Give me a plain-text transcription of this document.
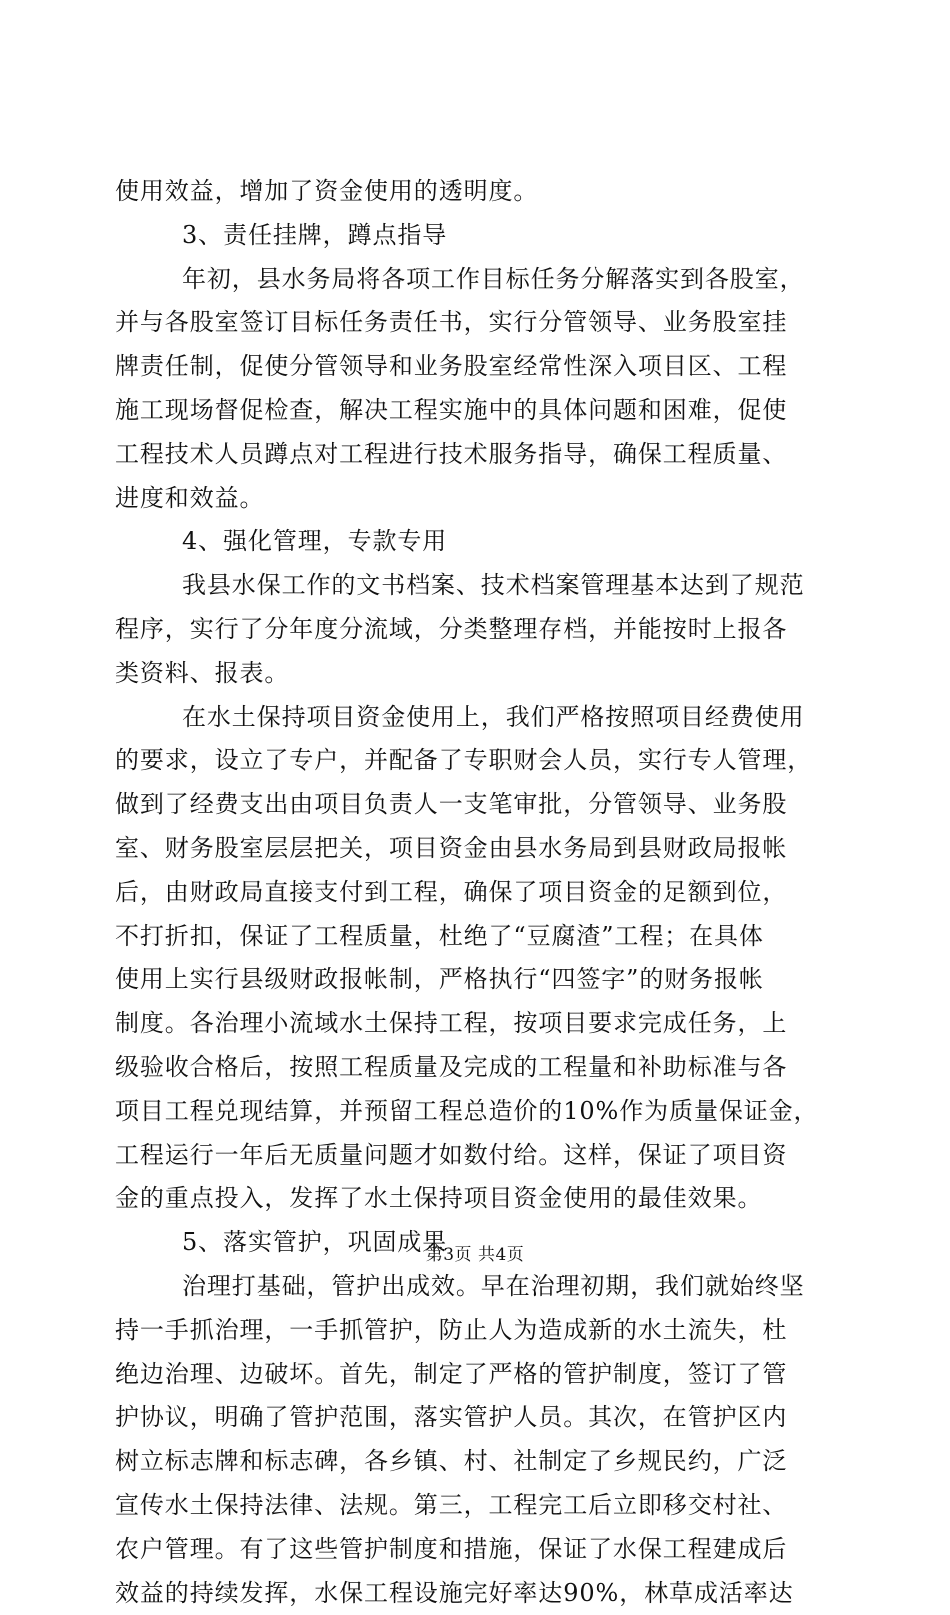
使用效益，增加了资金使用的透明度。
3、责任挂牌，蹲点指导
年初，县水务局将各项工作目标任务分解落实到各股室，
并与各股室签订目标任务责任书，实行分管领导、业务股室挂
牌责任制，促使分管领导和业务股室经常性深入项目区、工程
施工现场督促检查，解决工程实施中的具体问题和困难，促使
工程技术人员蹲点对工程进行技术服务指导，确保工程质量、
进度和效益。
4、强化管理，专款专用
我县水保工作的文书档案、技术档案管理基本达到了规范
程序，实行了分年度分流域，分类整理存档，并能按时上报各
类资料、报表。
在水土保持项目资金使用上，我们严格按照项目经费使用
的要求，设立了专户，并配备了专职财会人员，实行专人管理，
做到了经费支出由项目负责人一支笔审批，分管领导、业务股
室、财务股室层层把关，项目资金由县水务局到县财政局报帐
后，由财政局直接支付到工程，确保了项目资金的足额到位，
不打折扣，保证了工程质量，杜绝了“豆腐渣”工程；在具体
使用上实行县级财政报帐制，严格执行“四签字”的财务报帐
制度。各治理小流域水土保持工程，按项目要求完成任务，上
级验收合格后，按照工程质量及完成的工程量和补助标准与各
项目工程兑现结算，并预留工程总造价的10%作为质量保证金，
工程运行一年后无质量问题才如数付给。这样，保证了项目资
金的重点投入，发挥了水土保持项目资金使用的最佳效果。
5、落实管护，巩固成果
治理打基础，管护出成效。早在治理初期，我们就始终坚
持一手抓治理，一手抓管护，防止人为造成新的水土流失，杜
绝边治理、边破坏。首先，制定了严格的管护制度，签订了管
护协议，明确了管护范围，落实管护人员。其次，在管护区内
树立标志牌和标志碑，各乡镇、村、社制定了乡规民约，广泛
宣传水土保持法律、法规。第三，工程完工后立即移交村社、
农户管理。有了这些管护制度和措施，保证了水保工程建成后
效益的持续发挥，水保工程设施完好率达90%，林草成活率达
第3页 共4页
